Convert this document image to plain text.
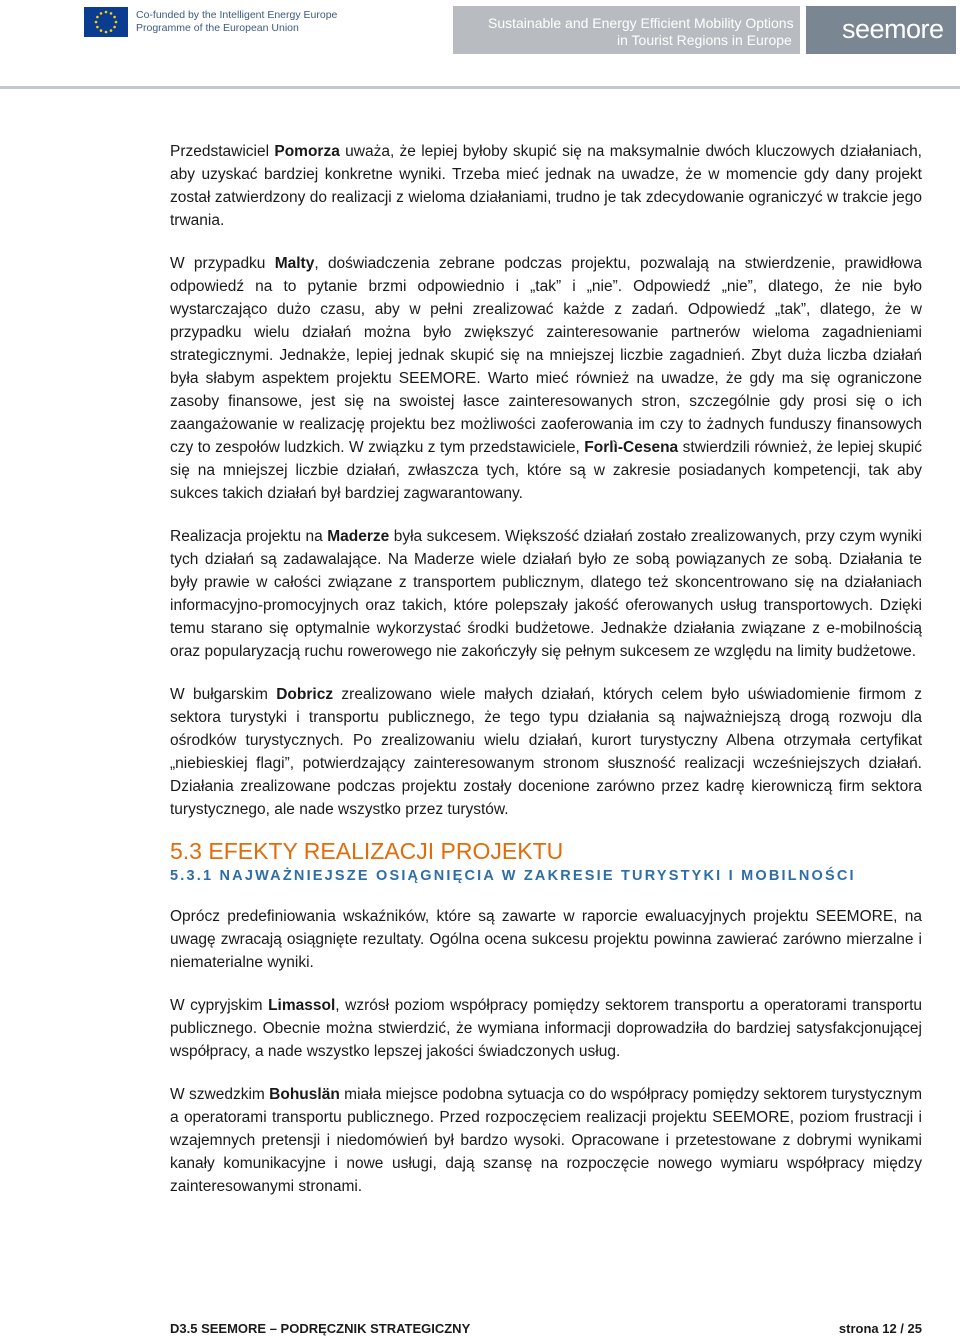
Co-funded by the Intelligent Energy Europe
Programme of the European Union	Sustainable and Energy Efficient Mobility Options
in Tourist Regions in Europe seemore

Przedstawiciel Pomorza uważa, że lepiej byłoby skupić się na maksymalnie dwóch kluczowych działaniach, aby uzyskać bardziej konkretne wyniki. Trzeba mieć jednak na uwadze, że w momencie gdy dany projekt został zatwierdzony do realizacji z wieloma działaniami, trudno je tak zdecydowanie ograniczyć w trakcie jego trwania.

W przypadku Malty, doświadczenia zebrane podczas projektu, pozwalają na stwierdzenie, prawidłowa odpowiedź na to pytanie brzmi odpowiednio i „tak” i „nie”. Odpowiedź „nie”, dlatego, że nie było wystarczająco dużo czasu, aby w pełni zrealizować każde z zadań. Odpowiedź „tak”, dlatego, że w przypadku wielu działań można było zwiększyć zainteresowanie partnerów wieloma zagadnieniami strategicznymi. Jednakże, lepiej jednak skupić się na mniejszej liczbie zagadnień. Zbyt duża liczba działań była słabym aspektem projektu SEEMORE. Warto mieć również na uwadze, że gdy ma się ograniczone zasoby finansowe, jest się na swoistej łasce zainteresowanych stron, szczególnie gdy prosi się o ich zaangażowanie w realizację projektu bez możliwości zaoferowania im czy to żadnych funduszy finansowych czy to zespołów ludzkich. W związku z tym przedstawiciele, Forlì-Cesena stwierdzili również, że lepiej skupić się na mniejszej liczbie działań, zwłaszcza tych, które są w zakresie posiadanych kompetencji, tak aby sukces takich działań był bardziej zagwarantowany.

Realizacja projektu na Maderze była sukcesem. Większość działań zostało zrealizowanych, przy czym wyniki tych działań są zadawalające. Na Maderze wiele działań było ze sobą powiązanych ze sobą. Działania te były prawie w całości związane z transportem publicznym, dlatego też skoncentrowano się na działaniach informacyjno-promocyjnych oraz takich, które polepszały jakość oferowanych usług transportowych. Dzięki temu starano się optymalnie wykorzystać środki budżetowe. Jednakże działania związane z e-mobilnością oraz popularyzacją ruchu rowerowego nie zakończyły się pełnym sukcesem ze względu na limity budżetowe.

W bułgarskim Dobricz zrealizowano wiele małych działań, których celem było uświadomienie firmom z sektora turystyki i transportu publicznego, że tego typu działania są najważniejszą drogą rozwoju dla ośrodków turystycznych. Po zrealizowaniu wielu działań, kurort turystyczny Albena otrzymała certyfikat „niebieskiej flagi”, potwierdzający zainteresowanym stronom słuszność realizacji wcześniejszych działań. Działania zrealizowane podczas projektu zostały docenione zarówno przez kadrę kierowniczą firm sektora turystycznego, ale nade wszystko przez turystów.

5.3 EFEKTY REALIZACJI PROJEKTU
5.3.1 NAJWAŻNIEJSZE OSIĄGNIĘCIA W ZAKRESIE TURYSTYKI I MOBILNOŚCI

Oprócz predefiniowania wskaźników, które są zawarte w raporcie ewaluacyjnych projektu SEEMORE, na uwagę zwracają osiągnięte rezultaty. Ogólna ocena sukcesu projektu powinna zawierać zarówno mierzalne i niematerialne wyniki.

W cypryjskim Limassol, wzrósł poziom współpracy pomiędzy sektorem transportu a operatorami transportu publicznego. Obecnie można stwierdzić, że wymiana informacji doprowadziła do bardziej satysfakcjonującej współpracy, a nade wszystko lepszej jakości świadczonych usług.

W szwedzkim Bohuslän miała miejsce podobna sytuacja co do współpracy pomiędzy sektorem turystycznym a operatorami transportu publicznego. Przed rozpoczęciem realizacji projektu SEEMORE, poziom frustracji i wzajemnych pretensji i niedomówień był bardzo wysoki. Opracowane i przetestowane z dobrymi wynikami kanały komunikacyjne i nowe usługi, dają szansę na rozpoczęcie nowego wymiaru współpracy między zainteresowanymi stronami.

D3.5 SEEMORE – PODRĘCZNIK STRATEGICZNY	strona 12 / 25
